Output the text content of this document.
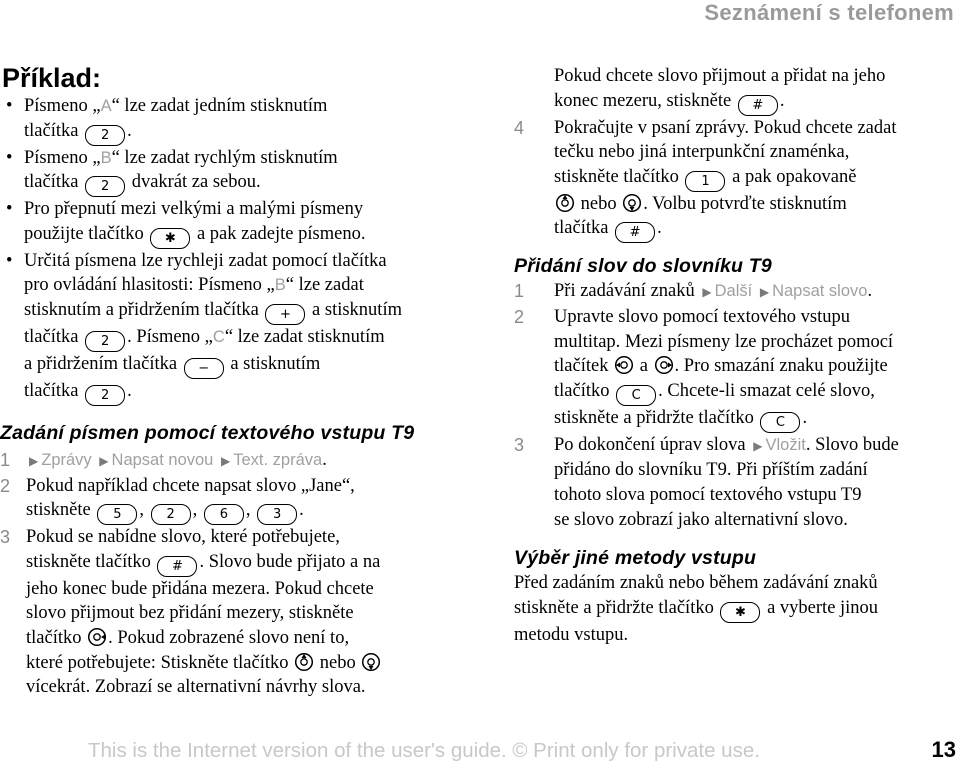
Seznámení s telefonem
Příklad:
• Písmeno „A“ lze zadat jedním stisknutím
tlačítka 2 .
• Písmeno „B“ lze zadat rychlým stisknutím
tlačítka 2 dvakrát za sebou.
• Pro přepnutí mezi velkými a malými písmeny
použijte tlačítko ✱ a pak zadejte písmeno.
• Určitá písmena lze rychleji zadat pomocí tlačítka
pro ovládání hlasitosti: Písmeno „B“ lze zadat
stisknutím a přidržením tlačítka + a stisknutím
tlačítka 2 . Písmeno „C“ lze zadat stisknutím
a přidržením tlačítka − a stisknutím
tlačítka 2 .
Zadání písmen pomocí textového vstupu T9
1 ▶ Zprávy ▶ Napsat novou ▶ Text. zpráva.
2 Pokud například chcete napsat slovo „Jane“,
stiskněte 5 , 2 , 6 , 3 .
3 Pokud se nabídne slovo, které potřebujete,
stiskněte tlačítko # . Slovo bude přijato a na
jeho konec bude přidána mezera. Pokud chcete
slovo přijmout bez přidání mezery, stiskněte
tlačítko . Pokud zobrazené slovo není to,
které potřebujete: Stiskněte tlačítko nebo
vícekrát. Zobrazí se alternativní návrhy slova.
Pokud chcete slovo přijmout a přidat na jeho
konec mezeru, stiskněte # .
4 Pokračujte v psaní zprávy. Pokud chcete zadat
tečku nebo jiná interpunkční znaménka,
stiskněte tlačítko 1 a pak opakovaně
nebo . Volbu potvrďte stisknutím
tlačítka # .
Přidání slov do slovníku T9
1 Při zadávání znaků ▶ Další ▶ Napsat slovo.
2 Upravte slovo pomocí textového vstupu
multitap. Mezi písmeny lze procházet pomocí
tlačítek a . Pro smazání znaku použijte
tlačítko C . Chcete-li smazat celé slovo,
stiskněte a přidržte tlačítko C .
3 Po dokončení úprav slova ▶ Vložit. Slovo bude
přidáno do slovníku T9. Při příštím zadání
tohoto slova pomocí textového vstupu T9
se slovo zobrazí jako alternativní slovo.
Výběr jiné metody vstupu
Před zadáním znaků nebo během zadávání znaků
stiskněte a přidržte tlačítko ✱ a vyberte jinou
metodu vstupu.
This is the Internet version of the user's guide. © Print only for private use.	13
